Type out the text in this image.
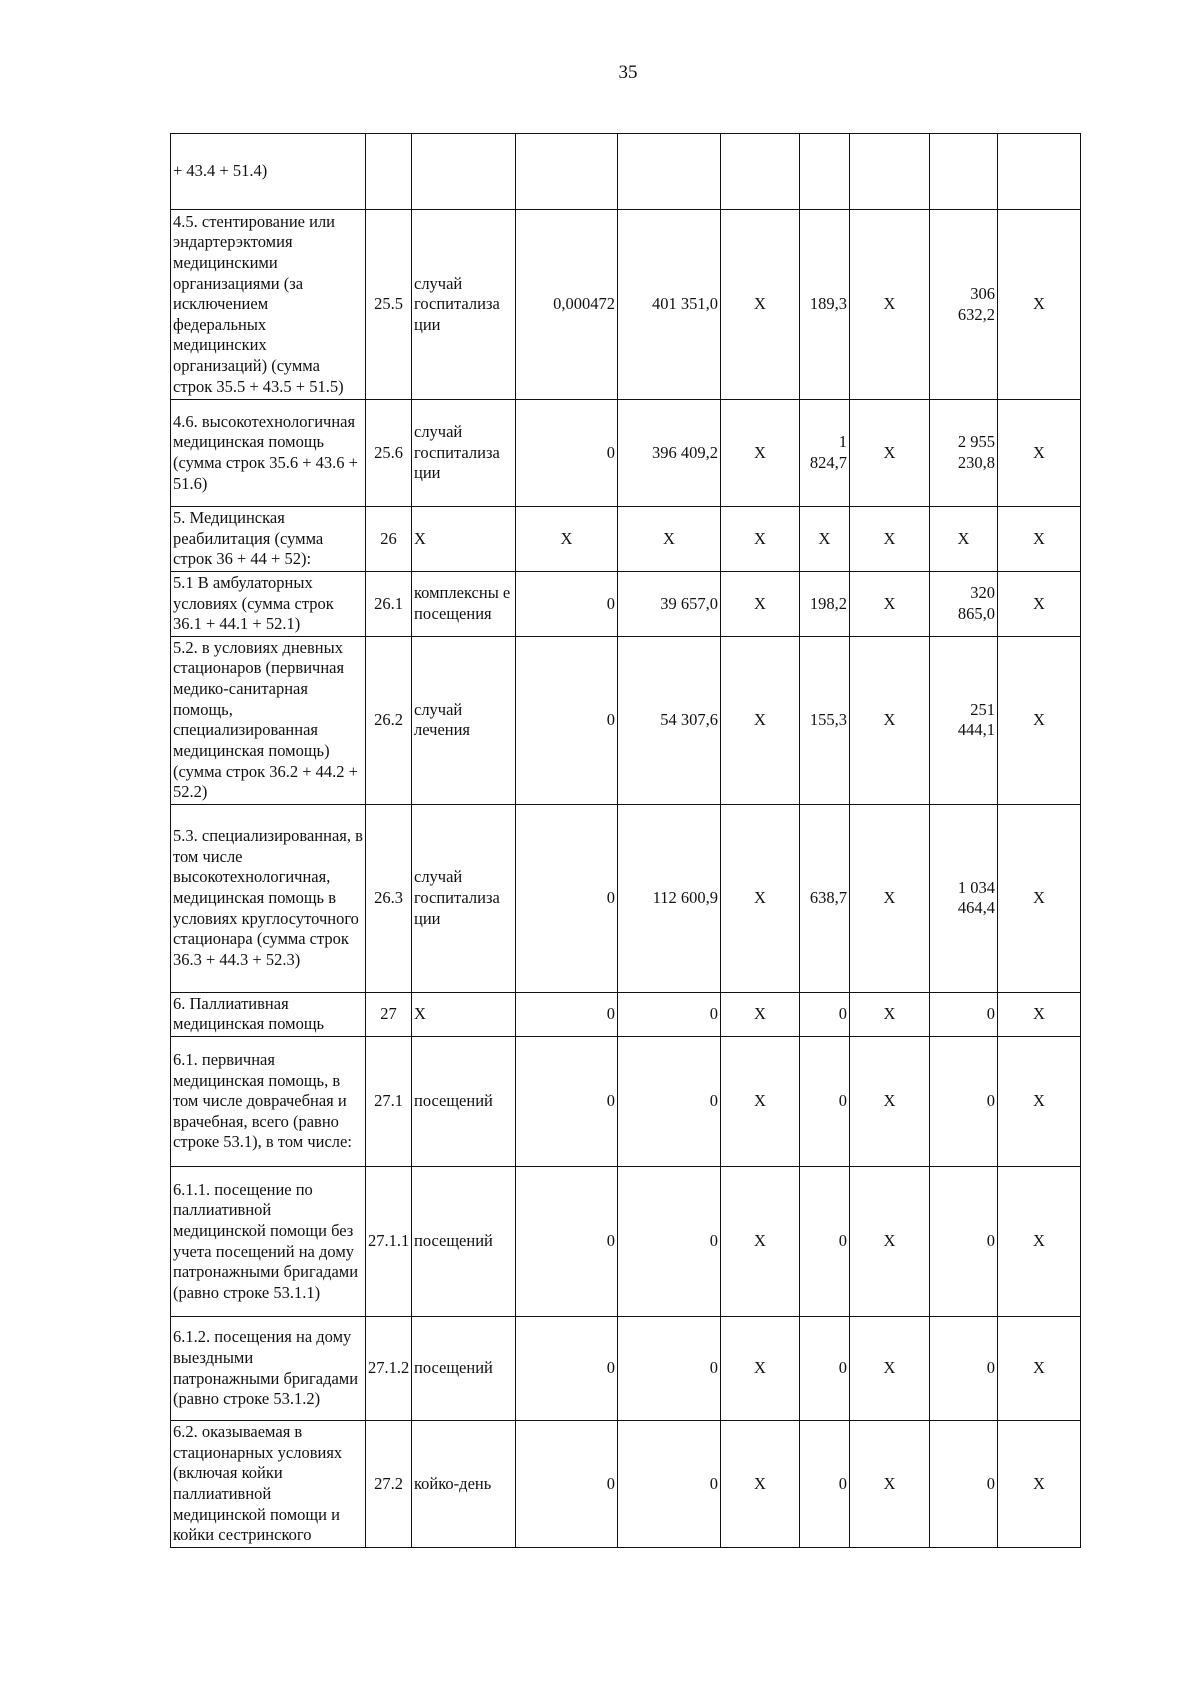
35
+ 43.4 + 51.4)									
4.5. стентирование или эндартерэктомия медицинскими организациями (за исключением федеральных медицинских организаций) (сумма строк 35.5 + 43.5 + 51.5)	25.5	случай госпитализа ции	0,000472	401 351,0	X	189,3	X	306 632,2	X
4.6. высокотехнологичная медицинская помощь (сумма строк 35.6 + 43.6 + 51.6)	25.6	случай госпитализа ции	0	396 409,2	X	1 824,7	X	2 955 230,8	X
5. Медицинская реабилитация (сумма строк 36 + 44 + 52):	26	X	X	X	X	X	X	X	X
5.1 В амбулаторных условиях (сумма строк 36.1 + 44.1 + 52.1)	26.1	комплексны е посещения	0	39 657,0	X	198,2	X	320 865,0	X
5.2. в условиях дневных стационаров (первичная медико-санитарная помощь, специализированная медицинская помощь) (сумма строк 36.2 + 44.2 + 52.2)	26.2	случай лечения	0	54 307,6	X	155,3	X	251 444,1	X
5.3. специализированная, в том числе высокотехнологичная, медицинская помощь в условиях круглосуточного стационара (сумма строк 36.3 + 44.3 + 52.3)	26.3	случай госпитализа ции	0	112 600,9	X	638,7	X	1 034 464,4	X
6. Паллиативная медицинская помощь	27	X	0	0	X	0	X	0	X
6.1. первичная медицинская помощь, в том числе доврачебная и врачебная, всего (равно строке 53.1), в том числе:	27.1	посещений	0	0	X	0	X	0	X
6.1.1. посещение по паллиативной медицинской помощи без учета посещений на дому патронажными бригадами (равно строке 53.1.1)	27.1.1	посещений	0	0	X	0	X	0	X
6.1.2. посещения на дому выездными патронажными бригадами (равно строке 53.1.2)	27.1.2	посещений	0	0	X	0	X	0	X
6.2. оказываемая в стационарных условиях (включая койки паллиативной медицинской помощи и койки сестринского	27.2	койко-день	0	0	X	0	X	0	X
